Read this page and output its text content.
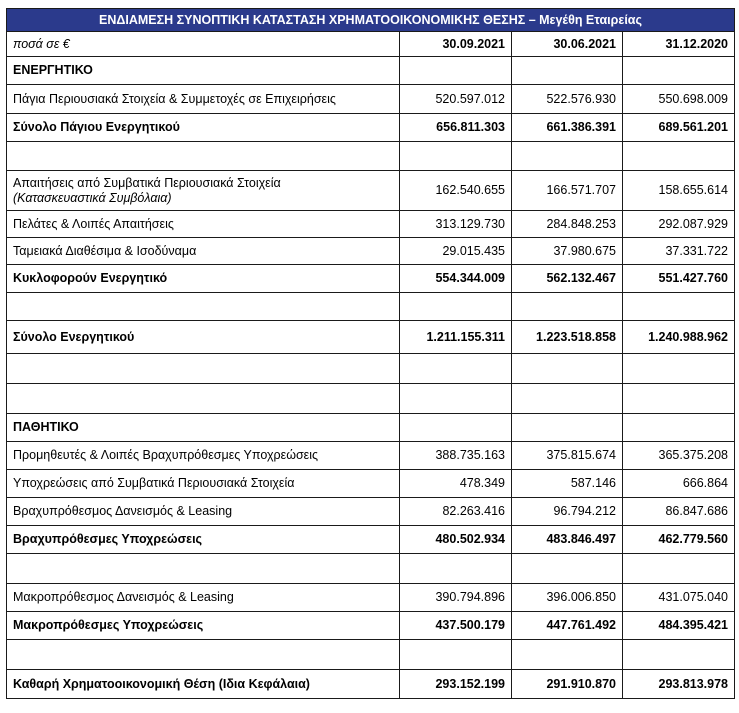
ΕΝΔΙΑΜΕΣΗ ΣΥΝΟΠΤΙΚΗ ΚΑΤΑΣΤΑΣΗ ΧΡΗΜΑΤΟΟΙΚΟΝΟΜΙΚΗΣ ΘΕΣΗΣ – Μεγέθη Εταιρείας			
ποσά σε €	30.09.2021	30.06.2021	31.12.2020
ΕΝΕΡΓΗΤΙΚΟ			
Πάγια Περιουσιακά Στοιχεία & Συμμετοχές σε Επιχειρήσεις	520.597.012	522.576.930	550.698.009
Σύνολο Πάγιου Ενεργητικού	656.811.303	661.386.391	689.561.201

Απαιτήσεις από Συμβατικά Περιουσιακά Στοιχεία
(Κατασκευαστικά Συμβόλαια)	162.540.655	166.571.707	158.655.614
Πελάτες & Λοιπές Απαιτήσεις	313.129.730	284.848.253	292.087.929
Ταμειακά Διαθέσιμα & Ισοδύναμα	29.015.435	37.980.675	37.331.722
Κυκλοφορούν Ενεργητικό	554.344.009	562.132.467	551.427.760

Σύνολο Ενεργητικού	1.211.155.311	1.223.518.858	1.240.988.962

ΠΑΘΗΤΙΚΟ			
Προμηθευτές & Λοιπές Βραχυπρόθεσμες Υποχρεώσεις	388.735.163	375.815.674	365.375.208
Υποχρεώσεις από Συμβατικά Περιουσιακά Στοιχεία	478.349	587.146	666.864
Βραχυπρόθεσμος Δανεισμός & Leasing	82.263.416	96.794.212	86.847.686
Βραχυπρόθεσμες Υποχρεώσεις	480.502.934	483.846.497	462.779.560

Μακροπρόθεσμος Δανεισμός & Leasing	390.794.896	396.006.850	431.075.040
Μακροπρόθεσμες Υποχρεώσεις	437.500.179	447.761.492	484.395.421

Καθαρή Χρηματοοικονομική Θέση (Ιδια Κεφάλαια)	293.152.199	291.910.870	293.813.978
